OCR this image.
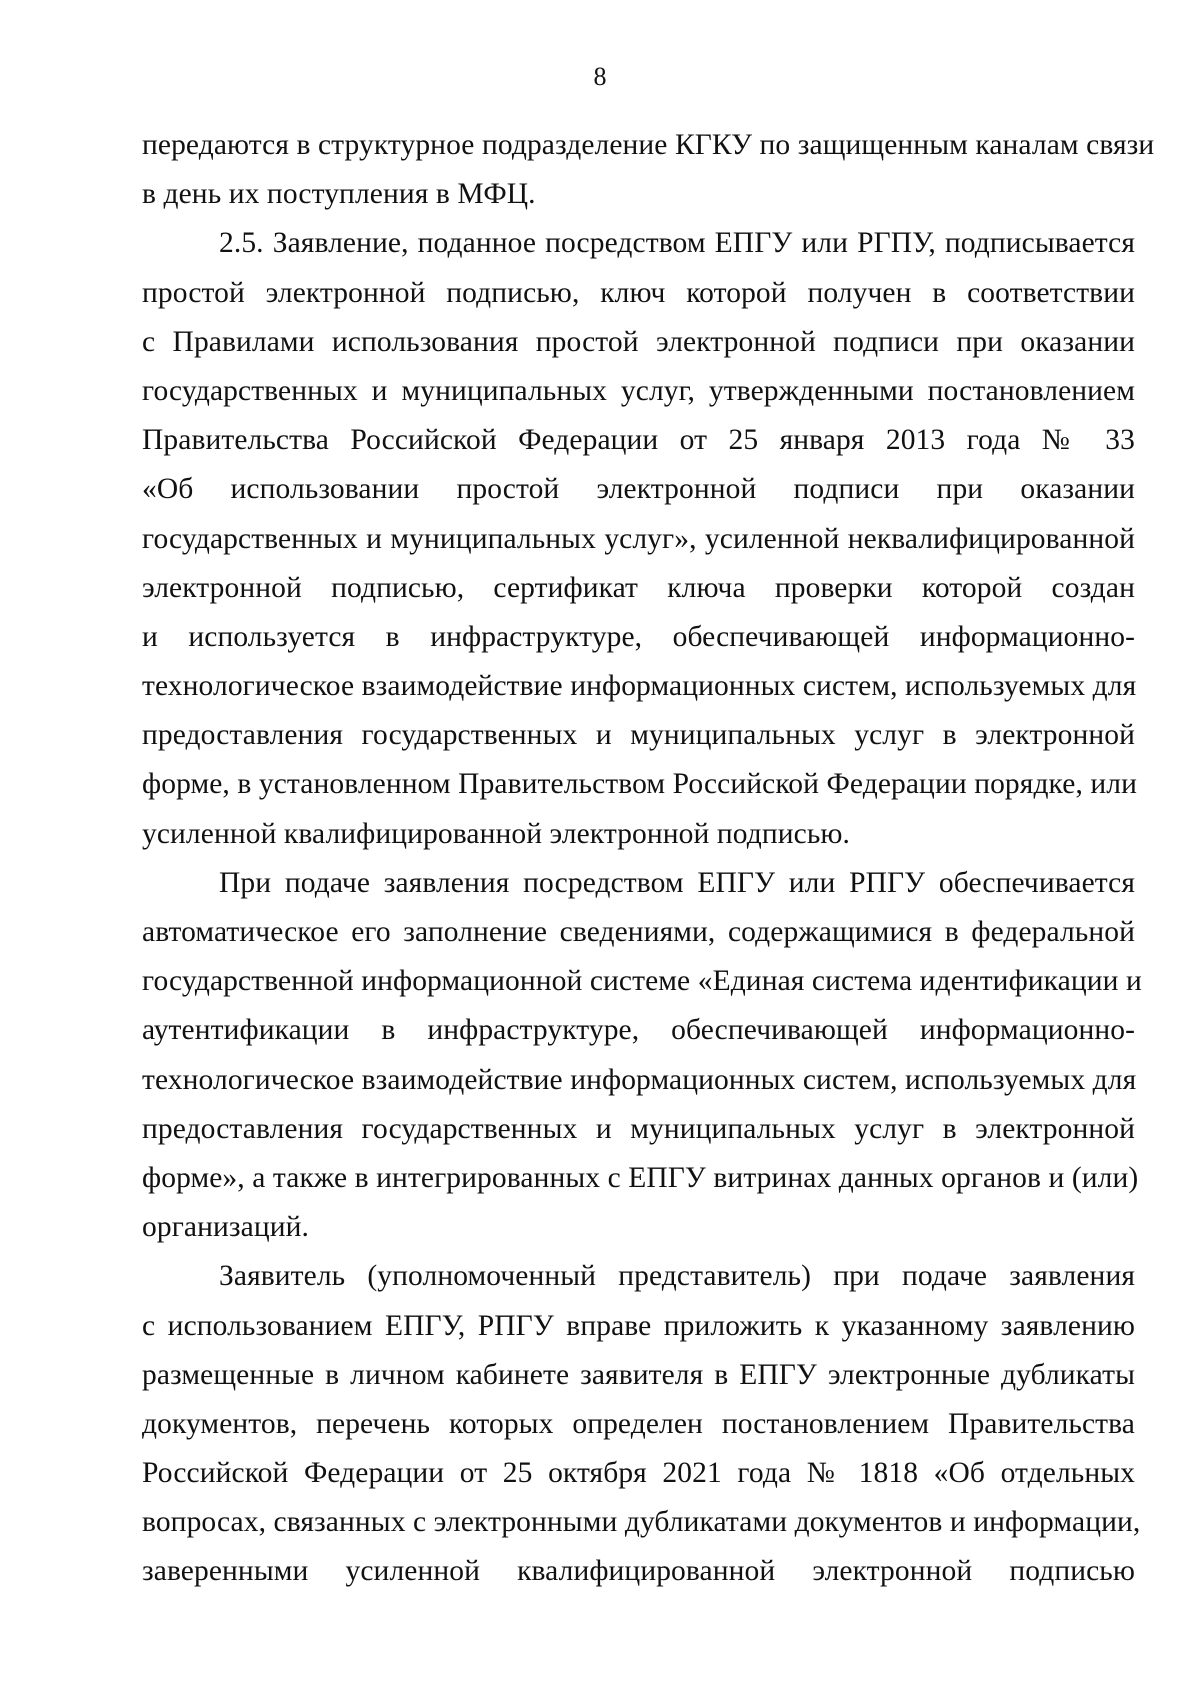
8
передаются в структурное подразделение КГКУ по защищенным каналам связи
в день их поступления в МФЦ.
2.5. Заявление, поданное посредством ЕПГУ или РГПУ, подписывается
простой электронной подписью, ключ которой получен в соответствии
с Правилами использования простой электронной подписи при оказании
государственных и муниципальных услуг, утвержденными постановлением
Правительства Российской Федерации от 25 января 2013 года № 33
«Об использовании простой электронной подписи при оказании
государственных и муниципальных услуг», усиленной неквалифицированной
электронной подписью, сертификат ключа проверки которой создан
и используется в инфраструктуре, обеспечивающей информационно-
технологическое взаимодействие информационных систем, используемых для
предоставления государственных и муниципальных услуг в электронной
форме, в установленном Правительством Российской Федерации порядке, или
усиленной квалифицированной электронной подписью.
При подаче заявления посредством ЕПГУ или РПГУ обеспечивается
автоматическое его заполнение сведениями, содержащимися в федеральной
государственной информационной системе «Единая система идентификации и
аутентификации в инфраструктуре, обеспечивающей информационно-
технологическое взаимодействие информационных систем, используемых для
предоставления государственных и муниципальных услуг в электронной
форме», а также в интегрированных с ЕПГУ витринах данных органов и (или)
организаций.
Заявитель (уполномоченный представитель) при подаче заявления
с использованием ЕПГУ, РПГУ вправе приложить к указанному заявлению
размещенные в личном кабинете заявителя в ЕПГУ электронные дубликаты
документов, перечень которых определен постановлением Правительства
Российской Федерации от 25 октября 2021 года № 1818 «Об отдельных
вопросах, связанных с электронными дубликатами документов и информации,
заверенными усиленной квалифицированной электронной подписью
